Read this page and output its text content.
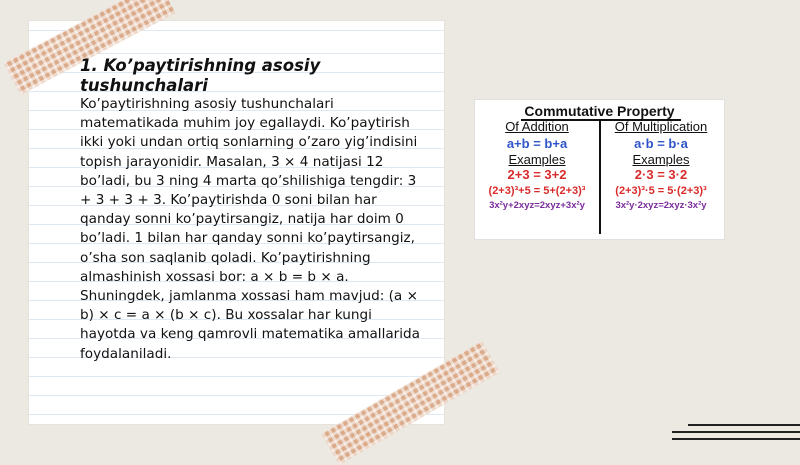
1. Ko’paytirishning asosiy tushunchalari

Ko’paytirishning asosiy tushunchalari matematikada muhim joy egallaydi. Ko’paytirish ikki yoki undan ortiq sonlarning o’zaro yig’indisini topish jarayonidir. Masalan, 3 × 4 natijasi 12 bo’ladi, bu 3 ning 4 marta qo’shilishiga tengdir: 3 + 3 + 3 + 3. Ko’paytirishda 0 soni bilan har qanday sonni ko’paytirsangiz, natija har doim 0 bo’ladi. 1 bilan har qanday sonni ko’paytirsangiz, o’sha son saqlanib qoladi. Ko’paytirishning almashinish xossasi bor: a × b = b × a. Shuningdek, jamlanma xossasi ham mavjud: (a × b) × c = a × (b × c). Bu xossalar har kungi hayotda va keng qamrovli matematika amallarida foydalaniladi.

Commutative Property
Of Addition
a+b = b+a
Examples
2+3 = 3+2
(2+3)³+5 = 5+(2+3)³
3x²y+2xyz=2xyz+3x²y
Of Multiplication
a·b = b·a
Examples
2·3 = 3·2
(2+3)³·5 = 5·(2+3)³
3x²y·2xyz=2xyz·3x²y
